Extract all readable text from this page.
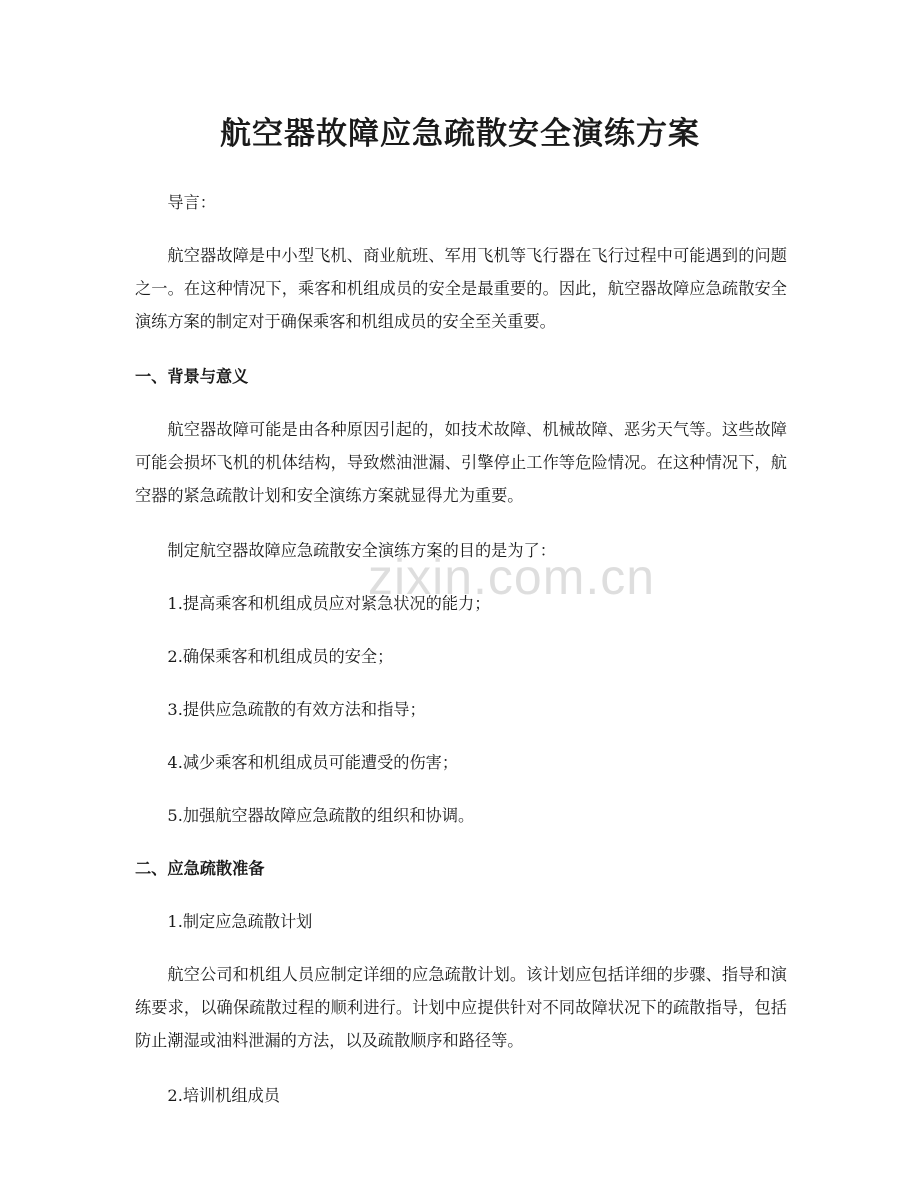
航空器故障应急疏散安全演练方案

导言：

航空器故障是中小型飞机、商业航班、军用飞机等飞行器在飞行过程中可能遇到的问题之一。在这种情况下，乘客和机组成员的安全是最重要的。因此，航空器故障应急疏散安全演练方案的制定对于确保乘客和机组成员的安全至关重要。

一、背景与意义

航空器故障可能是由各种原因引起的，如技术故障、机械故障、恶劣天气等。这些故障可能会损坏飞机的机体结构，导致燃油泄漏、引擎停止工作等危险情况。在这种情况下，航空器的紧急疏散计划和安全演练方案就显得尤为重要。

制定航空器故障应急疏散安全演练方案的目的是为了：

1.提高乘客和机组成员应对紧急状况的能力；

2.确保乘客和机组成员的安全；

3.提供应急疏散的有效方法和指导；

4.减少乘客和机组成员可能遭受的伤害；

5.加强航空器故障应急疏散的组织和协调。

二、应急疏散准备

1.制定应急疏散计划

航空公司和机组人员应制定详细的应急疏散计划。该计划应包括详细的步骤、指导和演练要求，以确保疏散过程的顺利进行。计划中应提供针对不同故障状况下的疏散指导，包括防止潮湿或油料泄漏的方法，以及疏散顺序和路径等。

2.培训机组成员

zixin.com.cn
